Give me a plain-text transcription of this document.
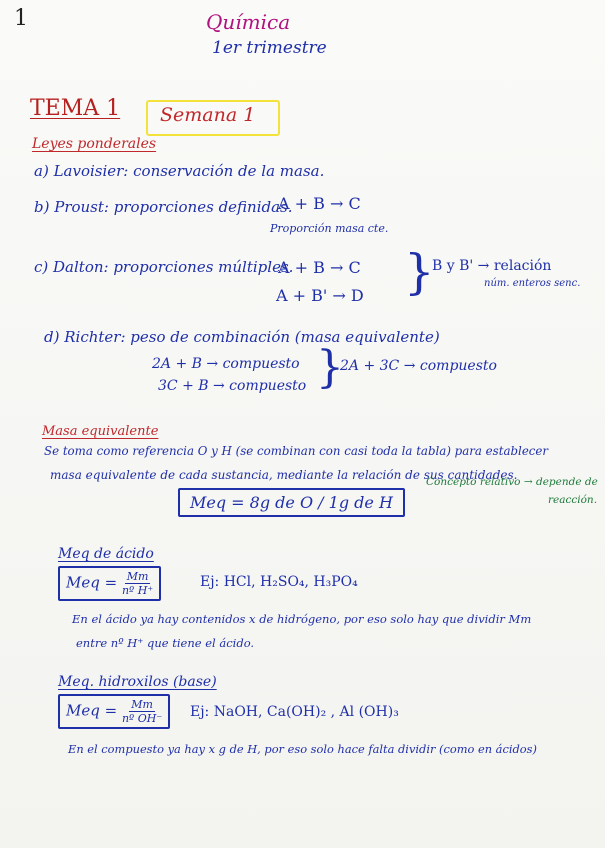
1	Química
1er trimestre
TEMA 1 Semana 1
Leyes ponderales
a) Lavoisier: conservación de la masa.
b) Proust: proporciones definidas.
A + B → C
Proporción masa cte.
c) Dalton: proporciones múltiples.
A + B → C
A + B' → D }
B y B' → relación
núm. enteros senc.
d) Richter: peso de combinación (masa equivalente)
2A + B → compuesto
3C + B → compuesto }
2A + 3C → compuesto
Masa equivalente
Se toma como referencia O y H (se combinan con casi toda la tabla) para establecer
masa equivalente de cada sustancia, mediante la relación de sus cantidades.
Meq = 8g de O / 1g de H
Concepto relativo → depende de
reacción.
Meq de ácido
Meq = $\frac{Mm}{\text{nº H⁺}}$	Ej: HCl, H₂SO₄, H₃PO₄
En el ácido ya hay contenidos x de hidrógeno, por eso solo hay que dividir Mm
entre nº H⁺ que tiene el ácido.
Meq. hidroxilos (base)
Meq = $\frac{Mm}{\text{nº OH⁻}} Ej$: NaOH, Ca(OH)₂ , Al (OH)₃
En el compuesto ya hay x g de H, por eso solo hace falta dividir (como en ácidos)
